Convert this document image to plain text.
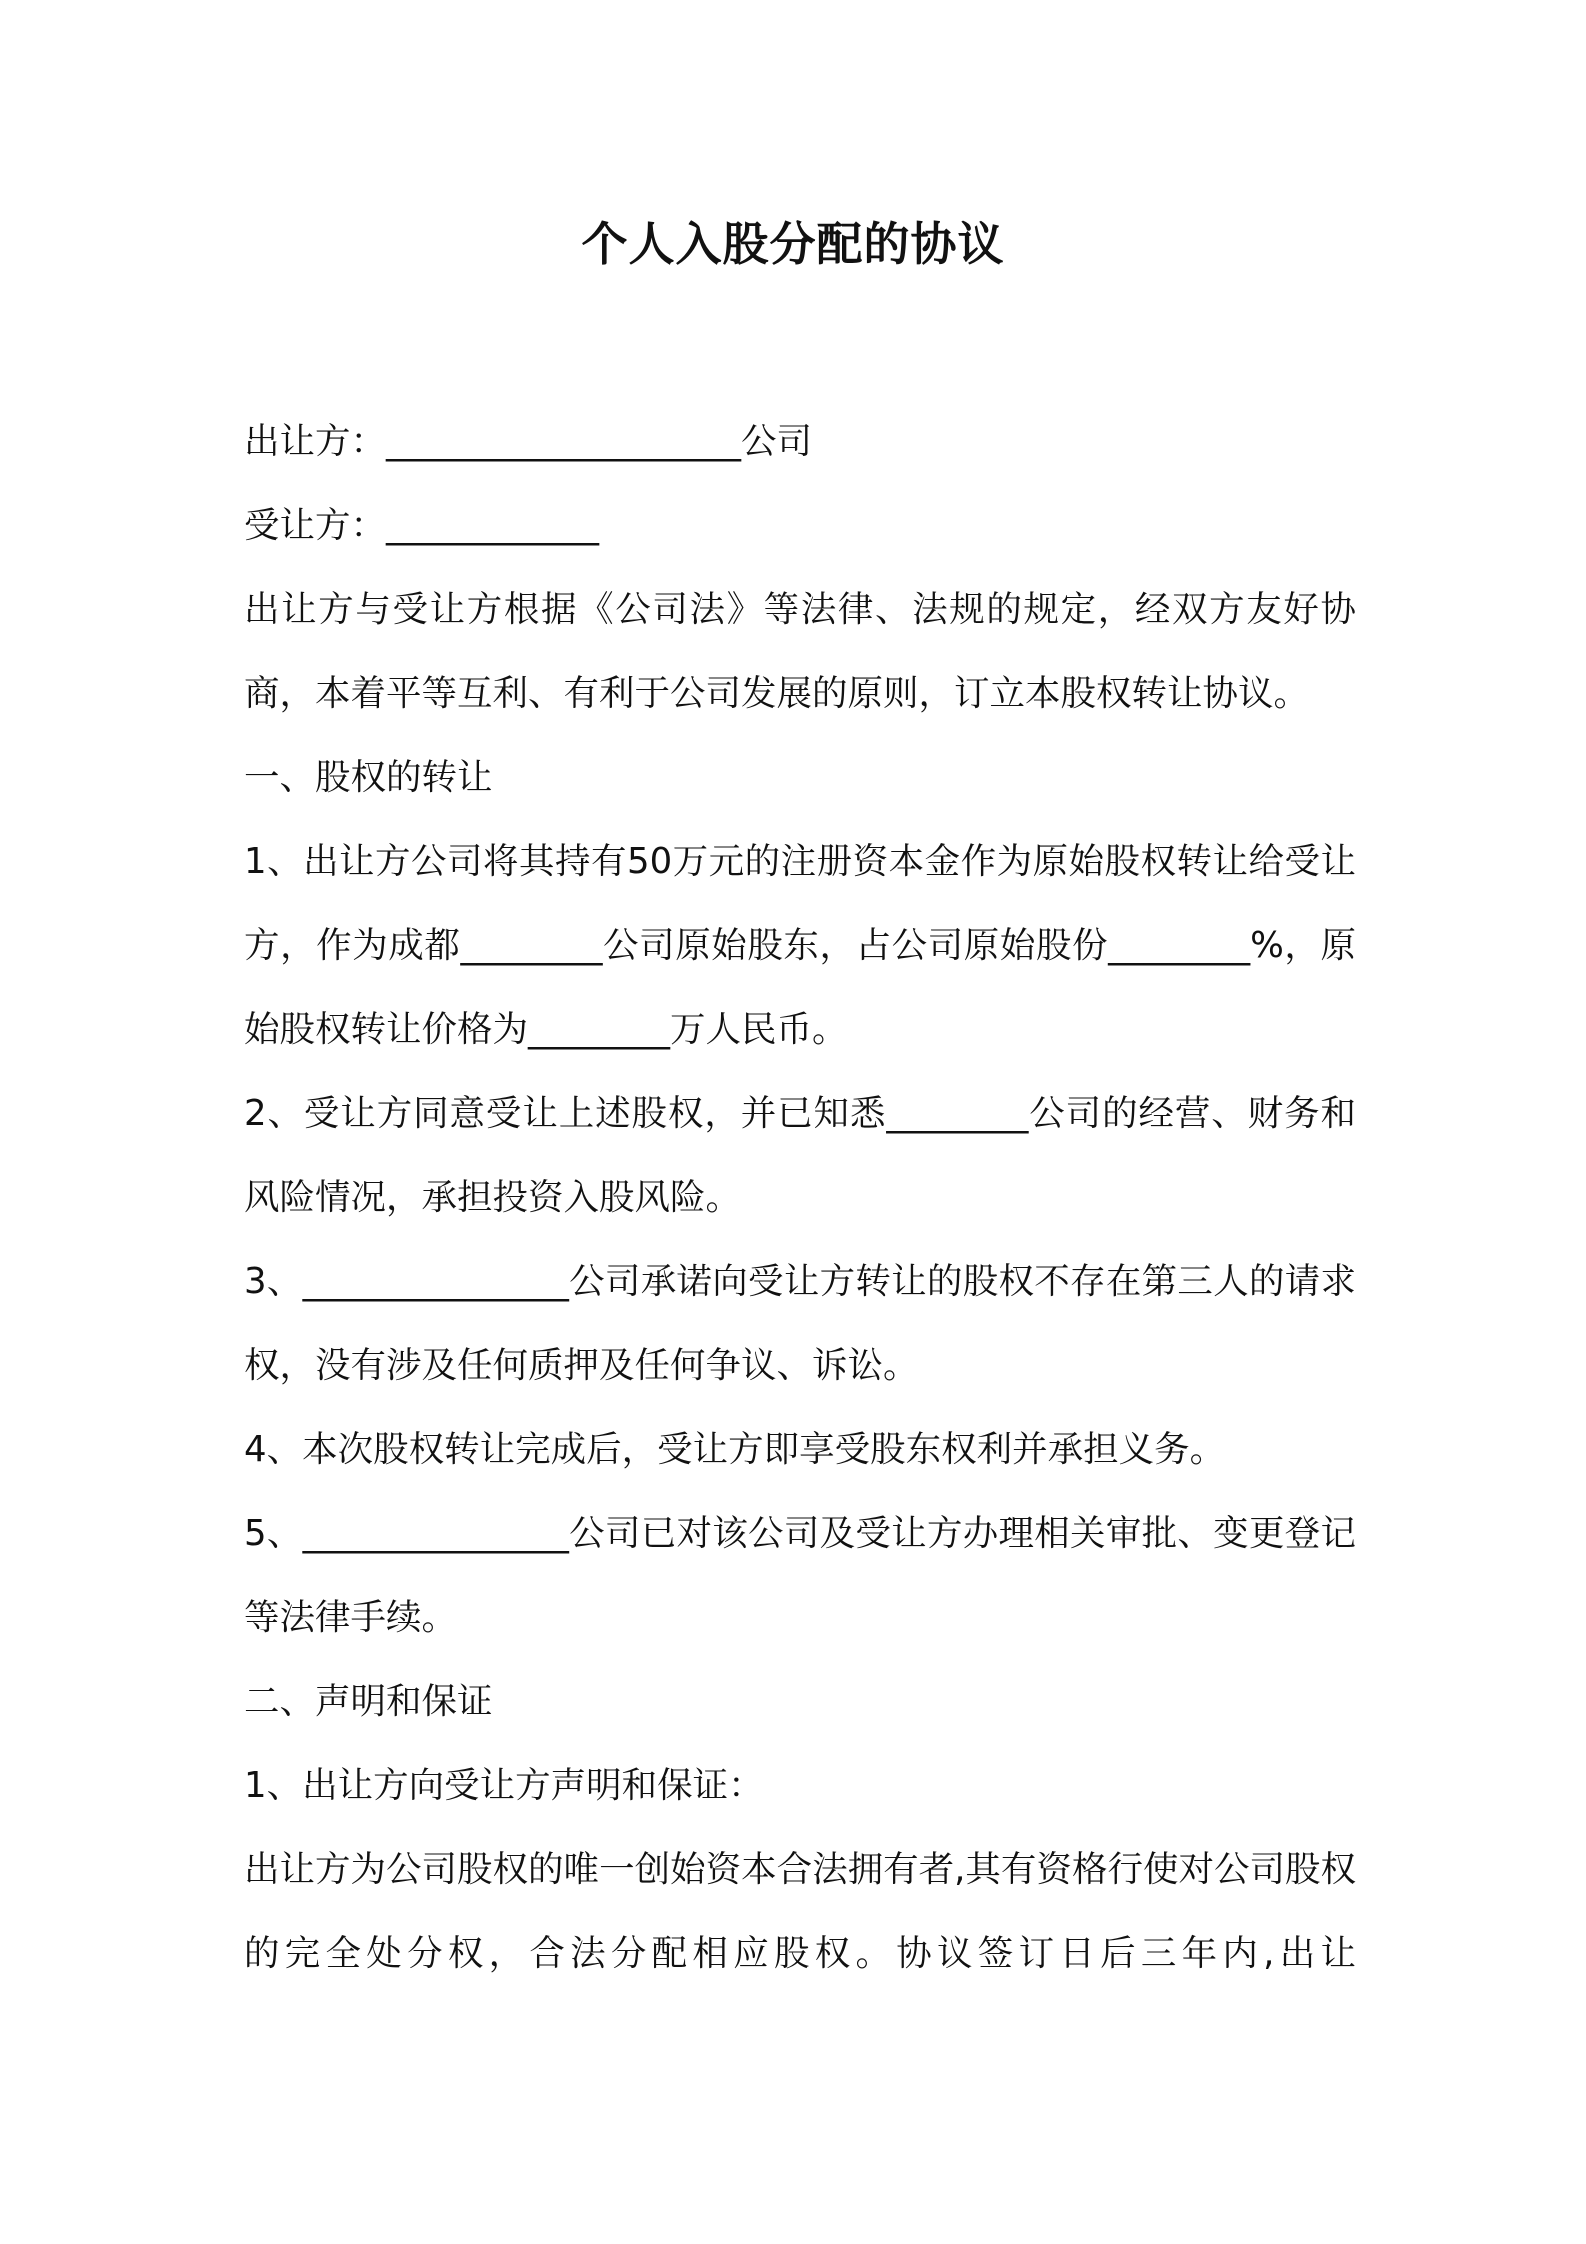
个人入股分配的协议

出让方：____________________公司

受让方：____________

出让方与受让方根据《公司法》等法律、法规的规定，经双方友好协商，本着平等互利、有利于公司发展的原则，订立本股权转让协议。

一、股权的转让

1、出让方公司将其持有50万元的注册资本金作为原始股权转让给受让方，作为成都________公司原始股东，占公司原始股份________%，原始股权转让价格为________万人民币。

2、受让方同意受让上述股权，并已知悉________公司的经营、财务和风险情况，承担投资入股风险。

3、_______________公司承诺向受让方转让的股权不存在第三人的请求权，没有涉及任何质押及任何争议、诉讼。

4、本次股权转让完成后，受让方即享受股东权利并承担义务。

5、_______________公司已对该公司及受让方办理相关审批、变更登记等法律手续。

二、声明和保证

1、出让方向受让方声明和保证：

出让方为公司股权的唯一创始资本合法拥有者,其有资格行使对公司股权的完全处分权，合法分配相应股权。协议签订日后三年内,出让
